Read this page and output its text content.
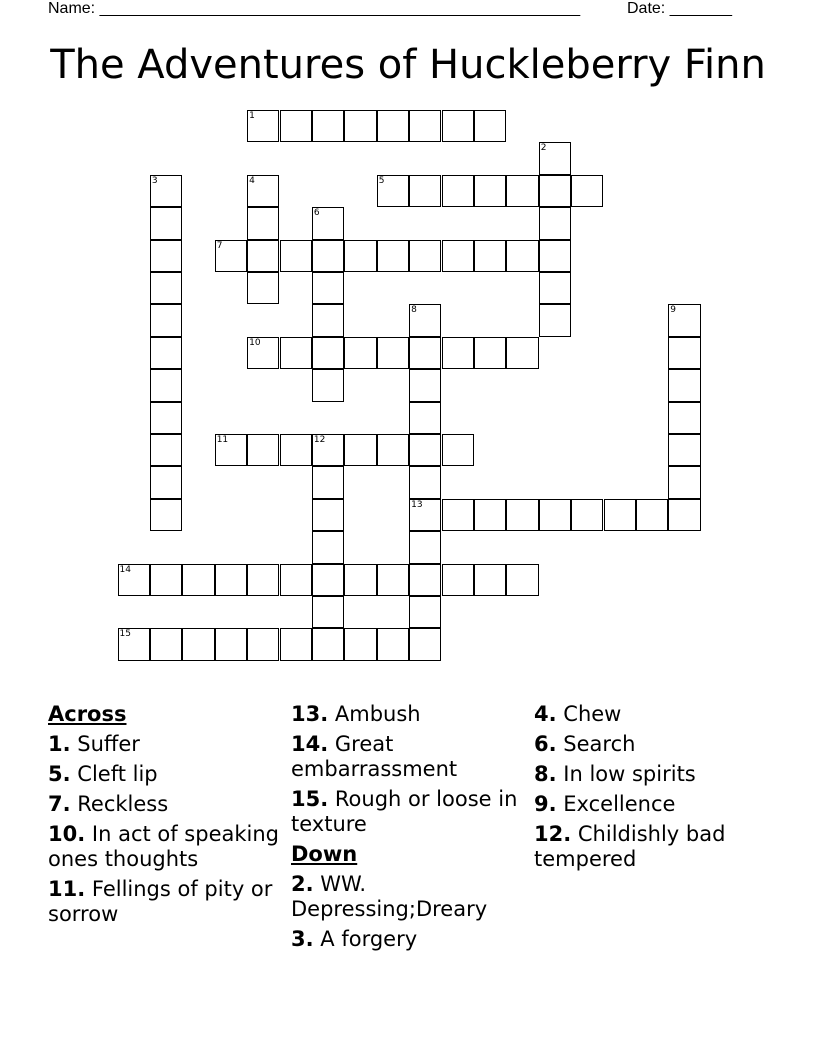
Name: ______________________________________________________	Date: _______
The Adventures of Huckleberry Finn
1
2
3	4	5
6
7
8
13
9
10
11	12
14
15
Across
1. Suffer
5. Cleft lip
7. Reckless
10. In act of speaking ones thoughts
11. Fellings of pity or sorrow
13. Ambush
14. Great embarrassment
15. Rough or loose in texture
Down
2. WW. Depressing;Dreary
3. A forgery
4. Chew
6. Search
8. In low spirits
9. Excellence
12. Childishly bad tempered
